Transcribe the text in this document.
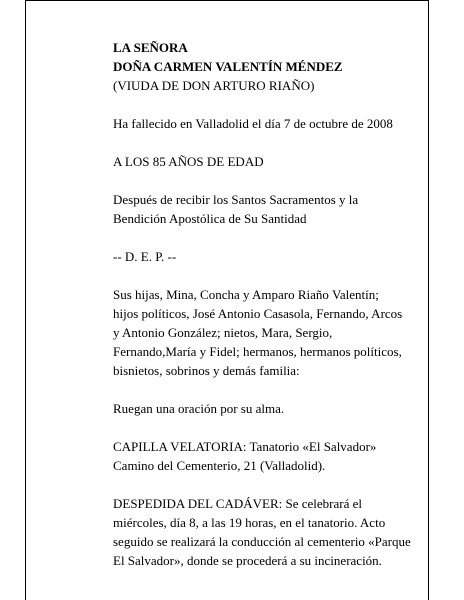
LA SEÑORA

DOÑA CARMEN VALENTÍN MÉNDEZ

(VIUDA DE DON ARTURO RIAÑO)

Ha fallecido en Valladolid el día 7 de octubre de 2008

A LOS 85 AÑOS DE EDAD

Después de recibir los Santos Sacramentos y la

Bendición Apostólica de Su Santidad

-- D. E. P. --

Sus hijas, Mina, Concha y Amparo Riaño Valentín;

hijos políticos, José Antonio Casasola, Fernando, Arcos

y Antonio González; nietos, Mara, Sergio,

Fernando,María y Fidel; hermanos, hermanos políticos,

bisnietos, sobrinos y demás familia:

Ruegan una oración por su alma.

CAPILLA VELATORIA: Tanatorio «El Salvador»

Camino del Cementerio, 21 (Valladolid).

DESPEDIDA DEL CADÁVER: Se celebrará el

miércoles, día 8, a las 19 horas, en el tanatorio. Acto

seguido se realizará la conducción al cementerio «Parque

El Salvador», donde se procederá a su incineración.
